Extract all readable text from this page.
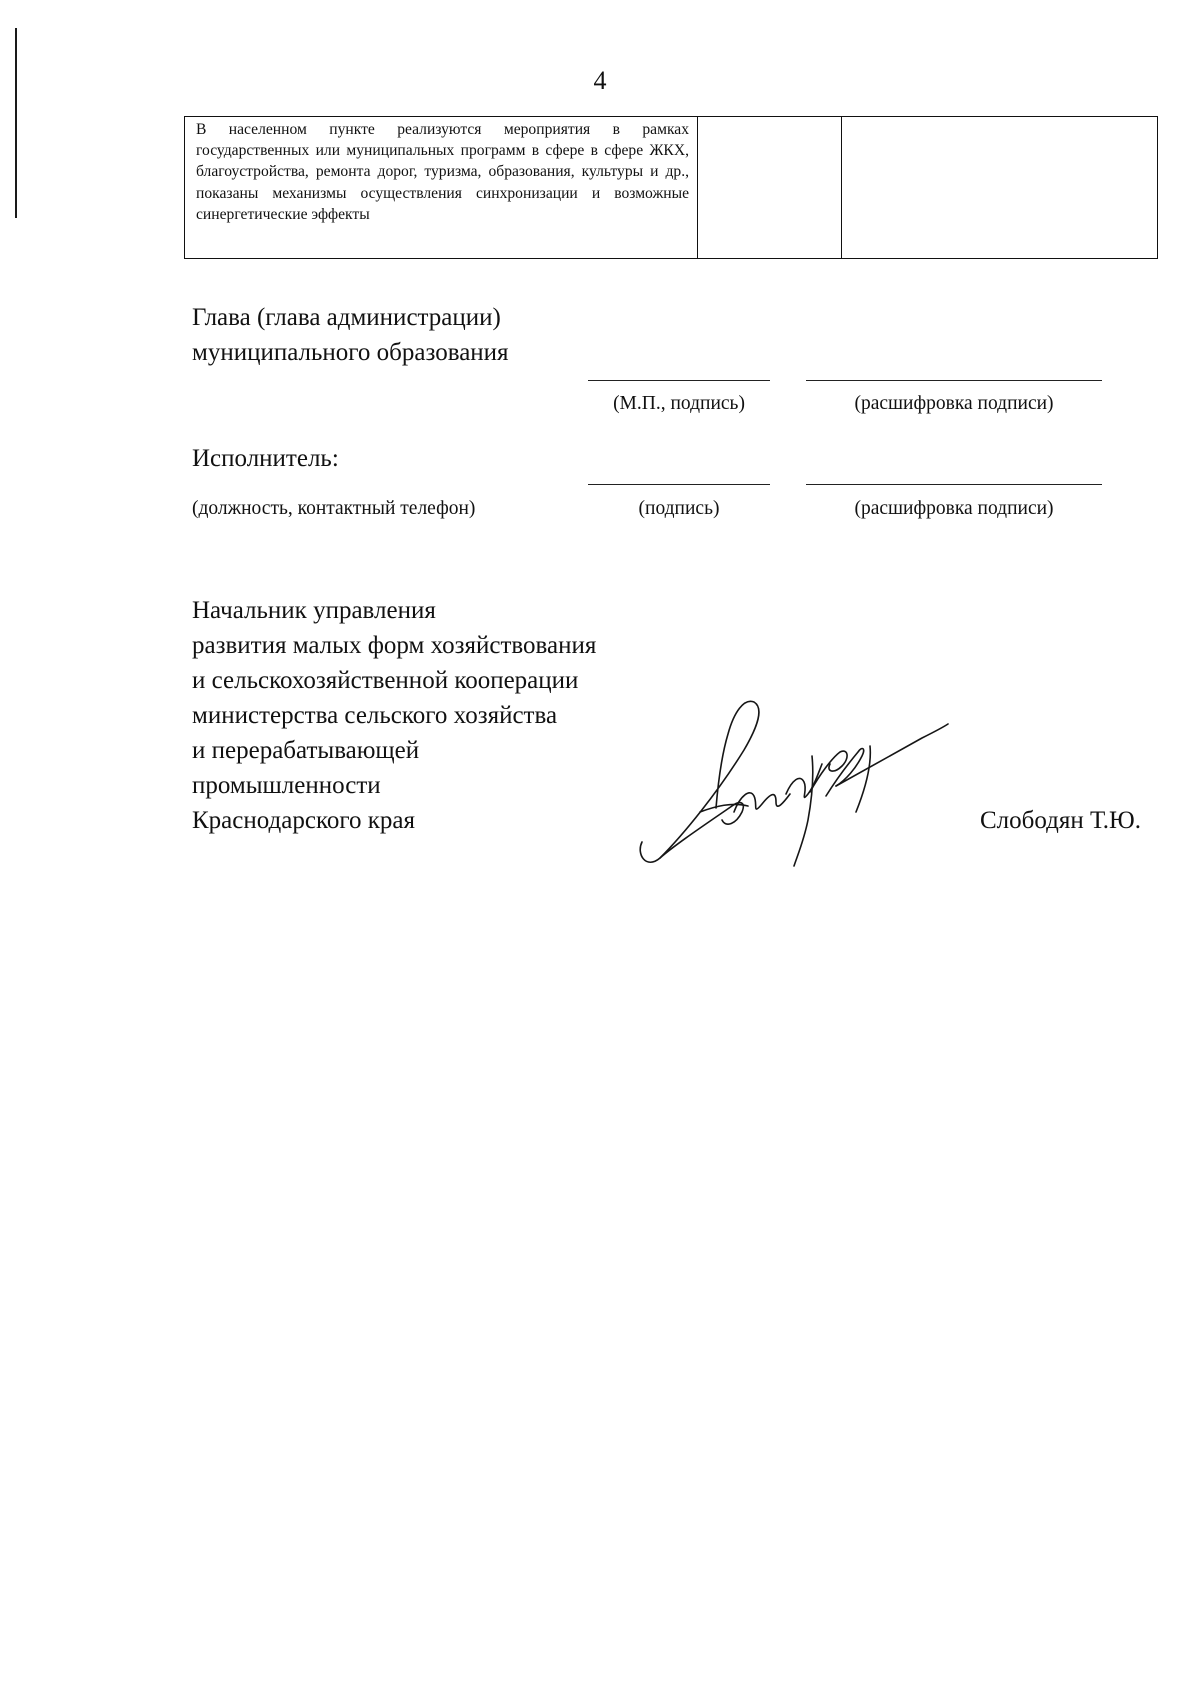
4
В населенном пункте реализуются мероприятия в рамках государственных или муниципальных программ в сфере в сфере ЖКХ, благоустройства, ремонта дорог, туризма, образования, культуры и др., показаны механизмы осуществления синхронизации и возможные синергетические эффекты

Глава (глава администрации)
муниципального образования
(М.П., подпись)	(расшифровка подписи)
Исполнитель:
(должность, контактный телефон)	(подпись)	(расшифровка подписи)
Начальник управления
развития малых форм хозяйствования
и сельскохозяйственной кооперации
министерства сельского хозяйства
и перерабатывающей
промышленности
Краснодарского края	Слободян Т.Ю.
